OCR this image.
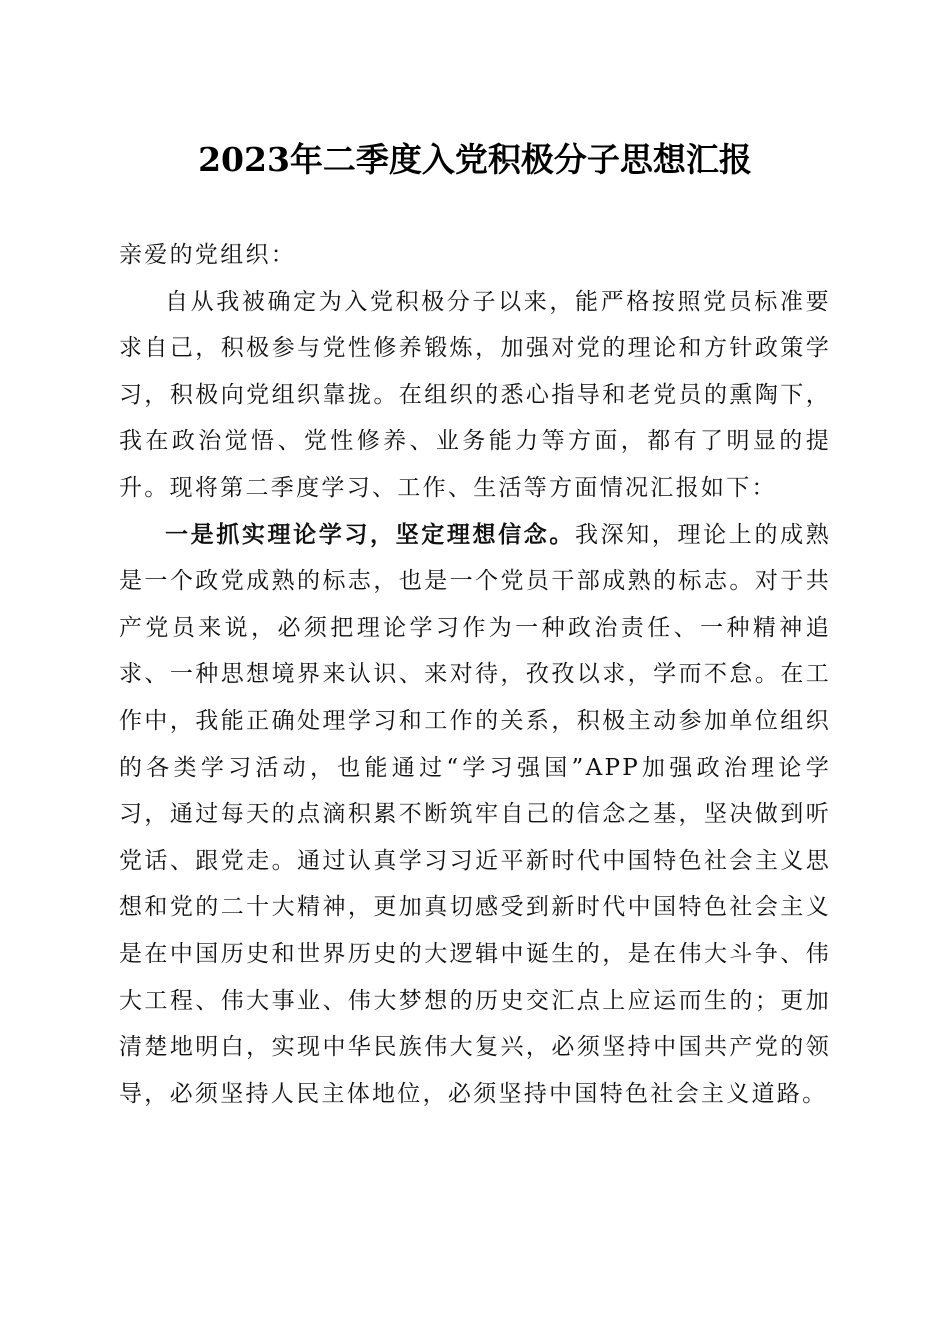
2023年二季度入党积极分子思想汇报

亲爱的党组织：

自从我被确定为入党积极分子以来，能严格按照党员标准要求自己，积极参与党性修养锻炼，加强对党的理论和方针政策学习，积极向党组织靠拢。在组织的悉心指导和老党员的熏陶下，我在政治觉悟、党性修养、业务能力等方面，都有了明显的提升。现将第二季度学习、工作、生活等方面情况汇报如下：

一是抓实理论学习，坚定理想信念。我深知，理论上的成熟是一个政党成熟的标志，也是一个党员干部成熟的标志。对于共产党员来说，必须把理论学习作为一种政治责任、一种精神追求、一种思想境界来认识、来对待，孜孜以求，学而不怠。在工作中，我能正确处理学习和工作的关系，积极主动参加单位组织的各类学习活动，也能通过“学习强国”APP加强政治理论学习，通过每天的点滴积累不断筑牢自己的信念之基，坚决做到听党话、跟党走。通过认真学习习近平新时代中国特色社会主义思想和党的二十大精神，更加真切感受到新时代中国特色社会主义是在中国历史和世界历史的大逻辑中诞生的，是在伟大斗争、伟大工程、伟大事业、伟大梦想的历史交汇点上应运而生的；更加清楚地明白，实现中华民族伟大复兴，必须坚持中国共产党的领导，必须坚持人民主体地位，必须坚持中国特色社会主义道路。
